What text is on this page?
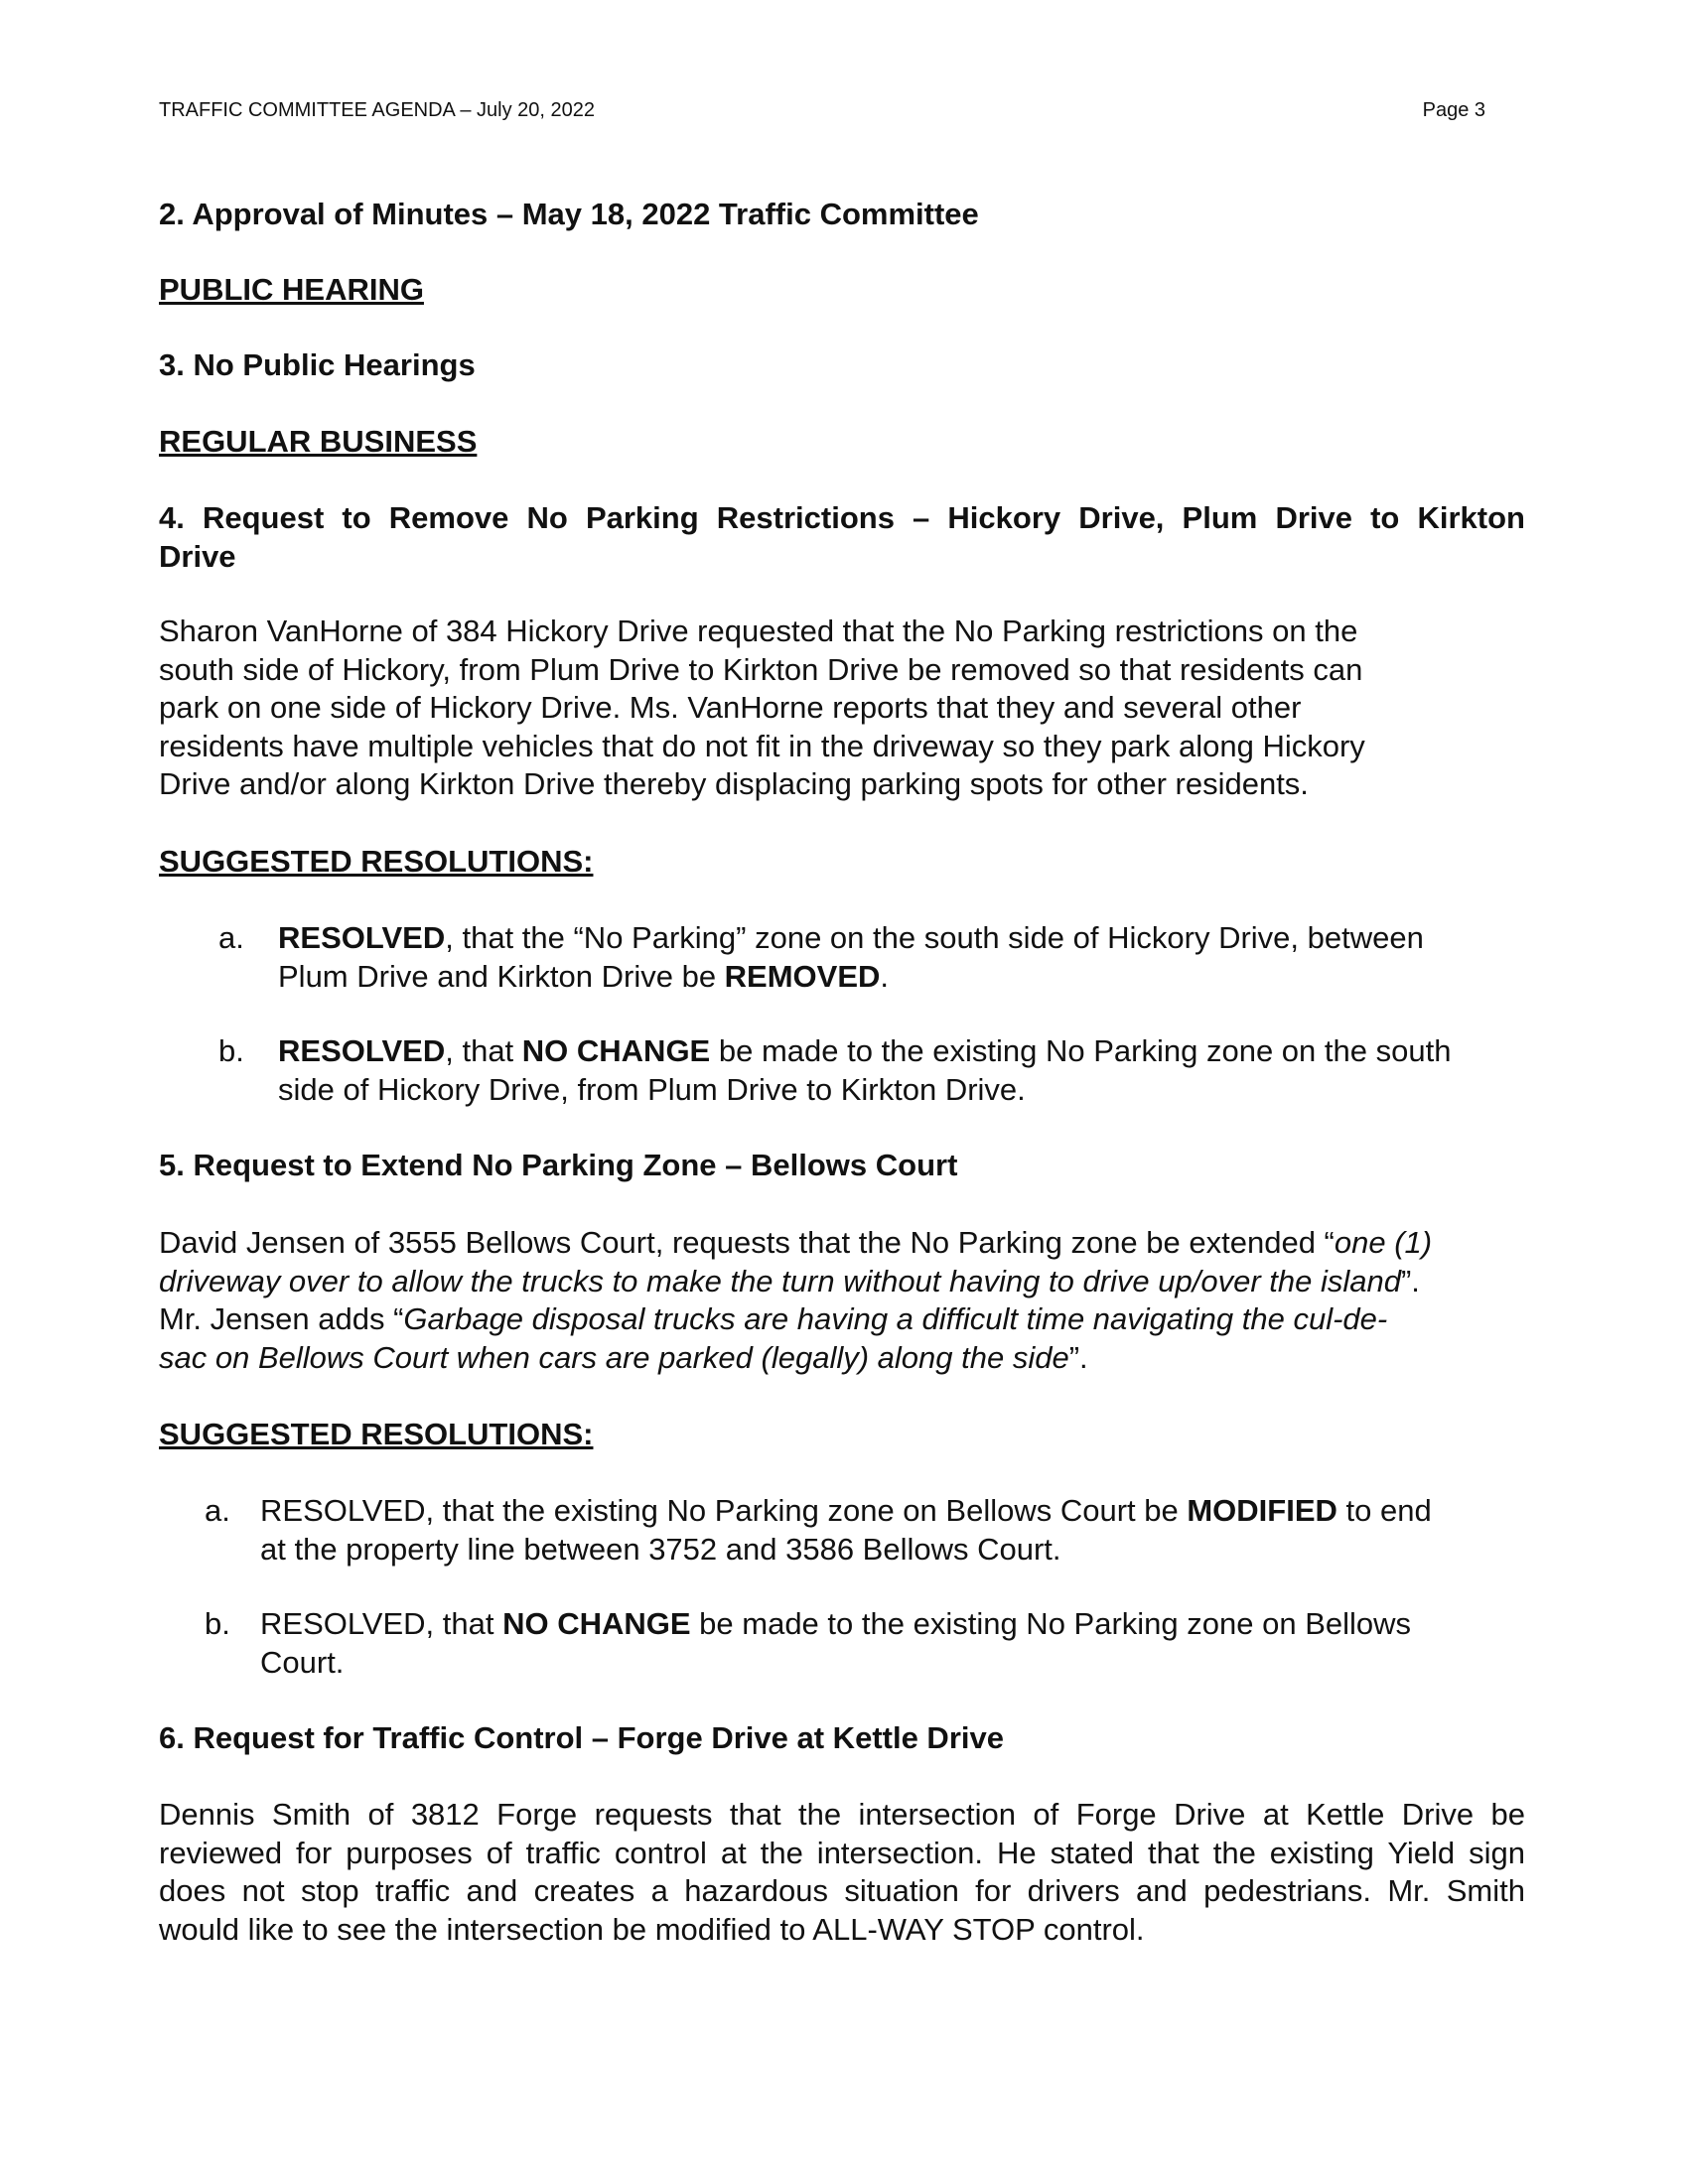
TRAFFIC COMMITTEE AGENDA – July 20, 2022	Page 3
2. Approval of Minutes – May 18, 2022 Traffic Committee
PUBLIC HEARING
3. No Public Hearings
REGULAR BUSINESS
4. Request to Remove No Parking Restrictions – Hickory Drive, Plum Drive to Kirkton
Drive
Sharon VanHorne of 384 Hickory Drive requested that the No Parking restrictions on the
south side of Hickory, from Plum Drive to Kirkton Drive be removed so that residents can
park on one side of Hickory Drive. Ms. VanHorne reports that they and several other
residents have multiple vehicles that do not fit in the driveway so they park along Hickory
Drive and/or along Kirkton Drive thereby displacing parking spots for other residents.
SUGGESTED RESOLUTIONS:
a. RESOLVED, that the “No Parking” zone on the south side of Hickory Drive, between
Plum Drive and Kirkton Drive be REMOVED.
b. RESOLVED, that NO CHANGE be made to the existing No Parking zone on the south
side of Hickory Drive, from Plum Drive to Kirkton Drive.
5. Request to Extend No Parking Zone – Bellows Court
David Jensen of 3555 Bellows Court, requests that the No Parking zone be extended “one (1)
driveway over to allow the trucks to make the turn without having to drive up/over the island”.
Mr. Jensen adds “Garbage disposal trucks are having a difficult time navigating the cul-de-
sac on Bellows Court when cars are parked (legally) along the side”.
SUGGESTED RESOLUTIONS:
a. RESOLVED, that the existing No Parking zone on Bellows Court be MODIFIED to end
at the property line between 3752 and 3586 Bellows Court.
b. RESOLVED, that NO CHANGE be made to the existing No Parking zone on Bellows
Court.
6. Request for Traffic Control – Forge Drive at Kettle Drive
Dennis Smith of 3812 Forge requests that the intersection of Forge Drive at Kettle Drive be
reviewed for purposes of traffic control at the intersection. He stated that the existing Yield sign
does not stop traffic and creates a hazardous situation for drivers and pedestrians. Mr. Smith
would like to see the intersection be modified to ALL-WAY STOP control.
